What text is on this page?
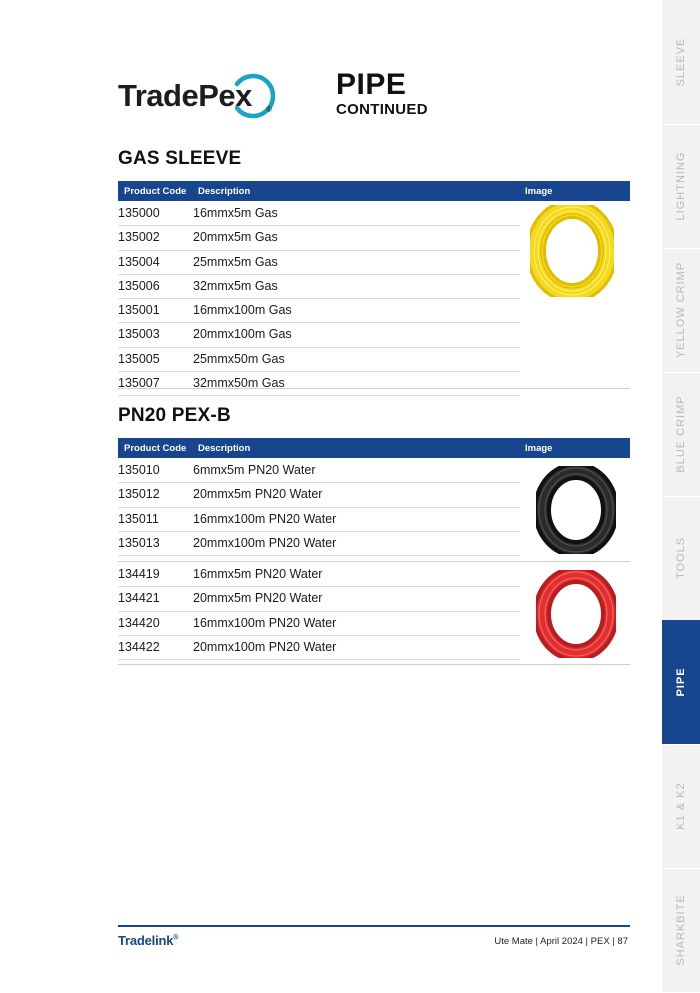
TradePex ®
PIPE
CONTINUED
GAS SLEEVE
Product Code Description	Image
135000	16mmx5m Gas
135002	20mmx5m Gas
135004	25mmx5m Gas
135006	32mmx5m Gas
135001	16mmx100m Gas
135003	20mmx100m Gas
135005	25mmx50m Gas
135007	32mmx50m Gas
PN20 PEX-B
Product Code Description	Image
135010	6mmx5m PN20 Water
135012	20mmx5m PN20 Water
135011	16mmx100m PN20 Water
135013	20mmx100m PN20 Water
134419	16mmx5m PN20 Water
134421	20mmx5m PN20 Water
134420	16mmx100m PN20 Water
134422	20mmx100m PN20 Water
SLEEVE
LIGHTNING
YELLOW CRIMP
BLUE CRIMP
TOOLS
PIPE
K1 & K2
SHARKBITE
Tradelink®	Ute Mate | April 2024 | PEX | 87
